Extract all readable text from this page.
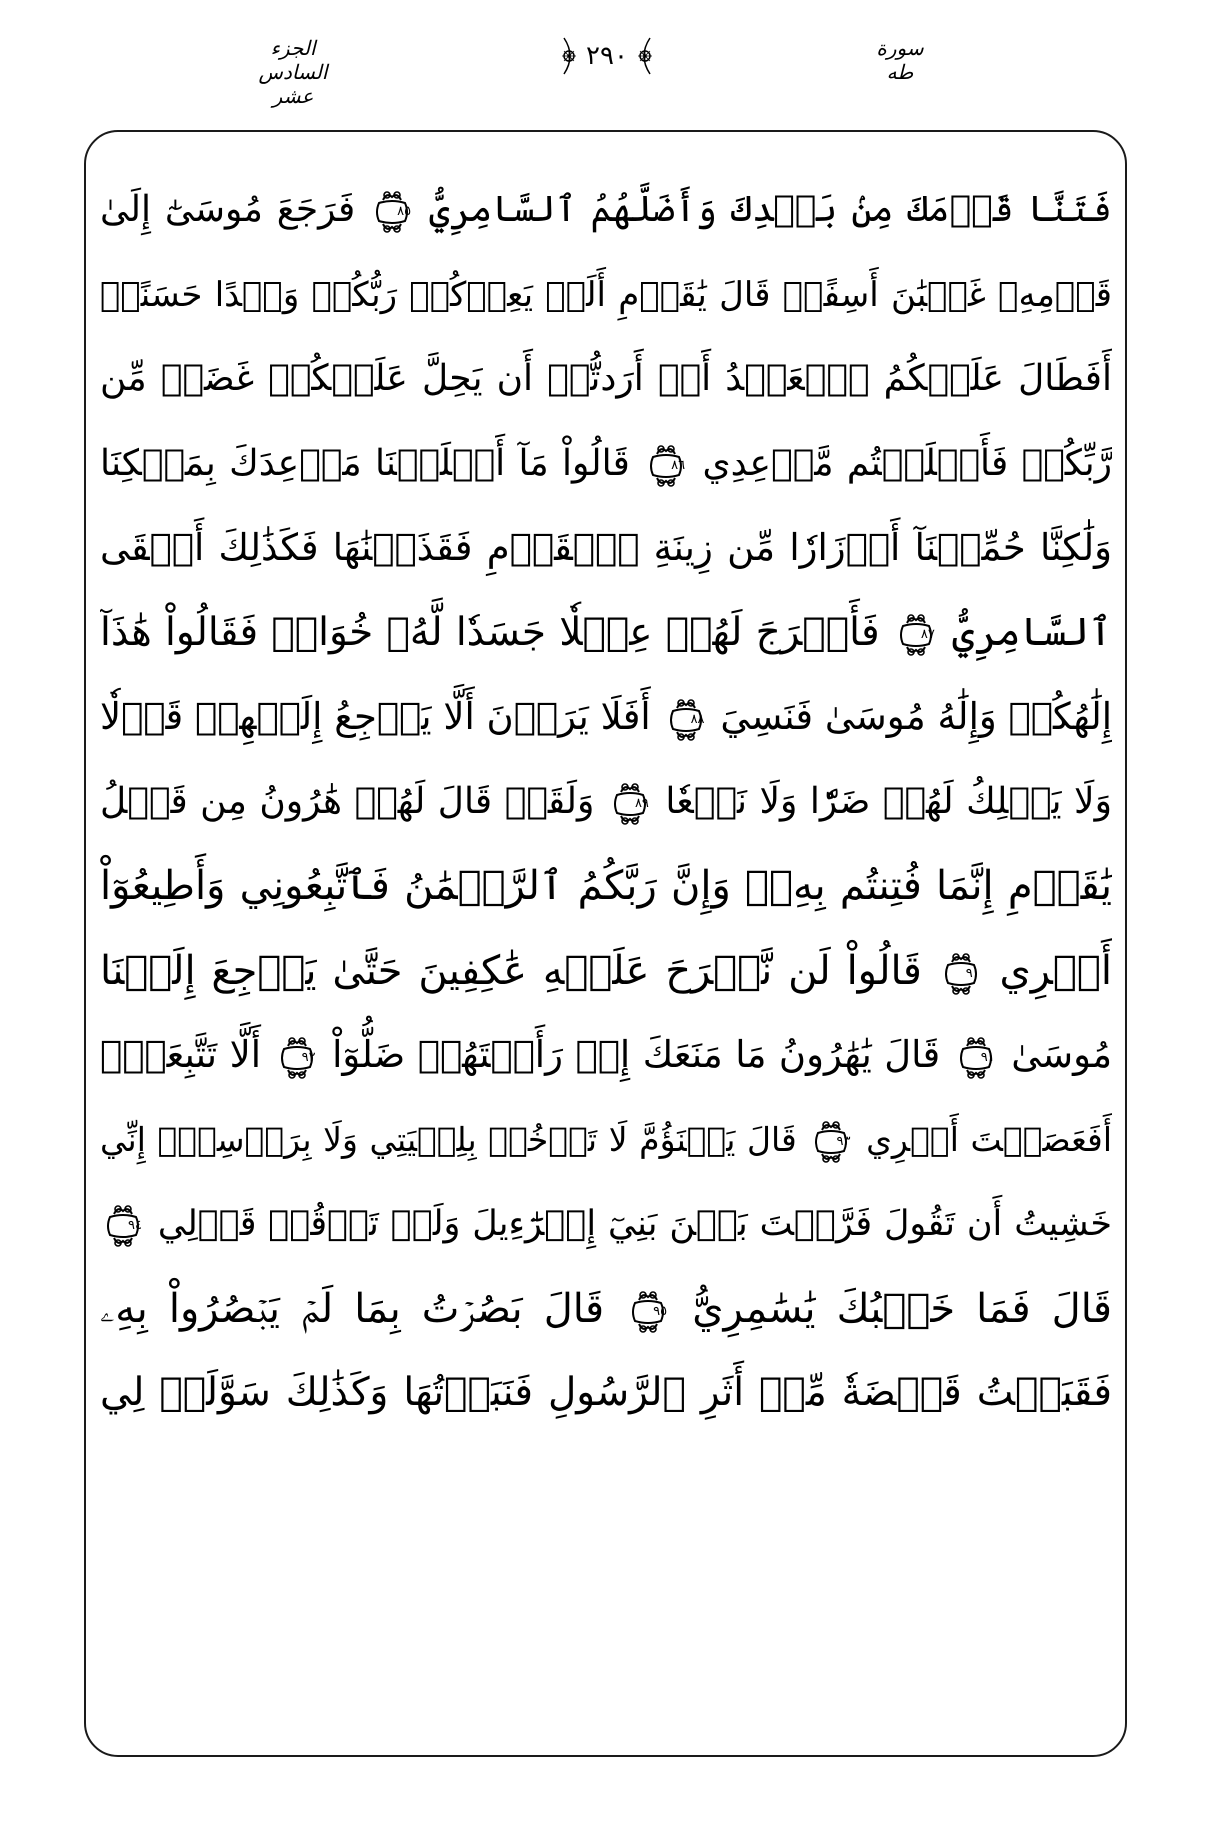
الجزء السادس عشر
٢٩٠	سورة طه
فَتَنَّا قَوۡمَكَ مِنۢ بَعۡدِكَ وَأَضَلَّهُمُ ٱلسَّامِرِيُّ
٨٥
فَرَجَعَ مُوسَىٰٓ إِلَىٰ
قَوۡمِهِۦ غَضۡبَٰنَ أَسِفًاۚ قَالَ يَٰقَوۡمِ أَلَمۡ يَعِدۡكُمۡ رَبُّكُمۡ وَعۡدًا حَسَنًاۚ
أَفَطَالَ عَلَيۡكُمُ ٱلۡعَهۡدُ أَمۡ أَرَدتُّمۡ أَن يَحِلَّ عَلَيۡكُمۡ غَضَبٞ مِّن
رَّبِّكُمۡ فَأَخۡلَفۡتُم مَّوۡعِدِي
٨٦
قَالُواْ مَآ أَخۡلَفۡنَا مَوۡعِدَكَ بِمَلۡكِنَا
وَلَٰكِنَّا حُمِّلۡنَآ أَوۡزَارٗا مِّن زِينَةِ ٱلۡقَوۡمِ فَقَذَفۡنَٰهَا فَكَذَٰلِكَ أَلۡقَى
ٱلسَّامِرِيُّ
٨٧
فَأَخۡرَجَ لَهُمۡ عِجۡلٗا جَسَدٗا لَّهُۥ خُوَارٞ فَقَالُواْ هَٰذَآ
إِلَٰهُكُمۡ وَإِلَٰهُ مُوسَىٰ فَنَسِيَ
٨٨
أَفَلَا يَرَوۡنَ أَلَّا يَرۡجِعُ إِلَيۡهِمۡ قَوۡلٗا
وَلَا يَمۡلِكُ لَهُمۡ ضَرّٗا وَلَا نَفۡعٗا
٨٩
وَلَقَدۡ قَالَ لَهُمۡ هَٰرُونُ مِن قَبۡلُ
يَٰقَوۡمِ إِنَّمَا فُتِنتُم بِهِۦۖ وَإِنَّ رَبَّكُمُ ٱلرَّحۡمَٰنُ فَٱتَّبِعُونِي وَأَطِيعُوٓاْ
أَمۡرِي
٩٠
قَالُواْ لَن نَّبۡرَحَ عَلَيۡهِ عَٰكِفِينَ حَتَّىٰ يَرۡجِعَ إِلَيۡنَا
مُوسَىٰ
٩١
قَالَ يَٰهَٰرُونُ مَا مَنَعَكَ إِذۡ رَأَيۡتَهُمۡ ضَلُّوٓاْ
٩٢
أَلَّا تَتَّبِعَنِۖ
أَفَعَصَيۡتَ أَمۡرِي
٩٣
قَالَ يَبۡنَؤُمَّ لَا تَأۡخُذۡ بِلِحۡيَتِي وَلَا بِرَأۡسِيٓۖ إِنِّي
خَشِيتُ أَن تَقُولَ فَرَّقۡتَ بَيۡنَ بَنِيٓ إِسۡرَٰٓءِيلَ وَلَمۡ تَرۡقُبۡ قَوۡلِي
٩٤
قَالَ فَمَا خَطۡبُكَ يَٰسَٰمِرِيُّ
٩٥
قَالَ بَصُرۡتُ بِمَا لَمۡ يَبۡصُرُواْ بِهِۦ
فَقَبَضۡتُ قَبۡضَةٗ مِّنۡ أَثَرِ ٱلرَّسُولِ فَنَبَذۡتُهَا وَكَذَٰلِكَ سَوَّلَتۡ لِي
